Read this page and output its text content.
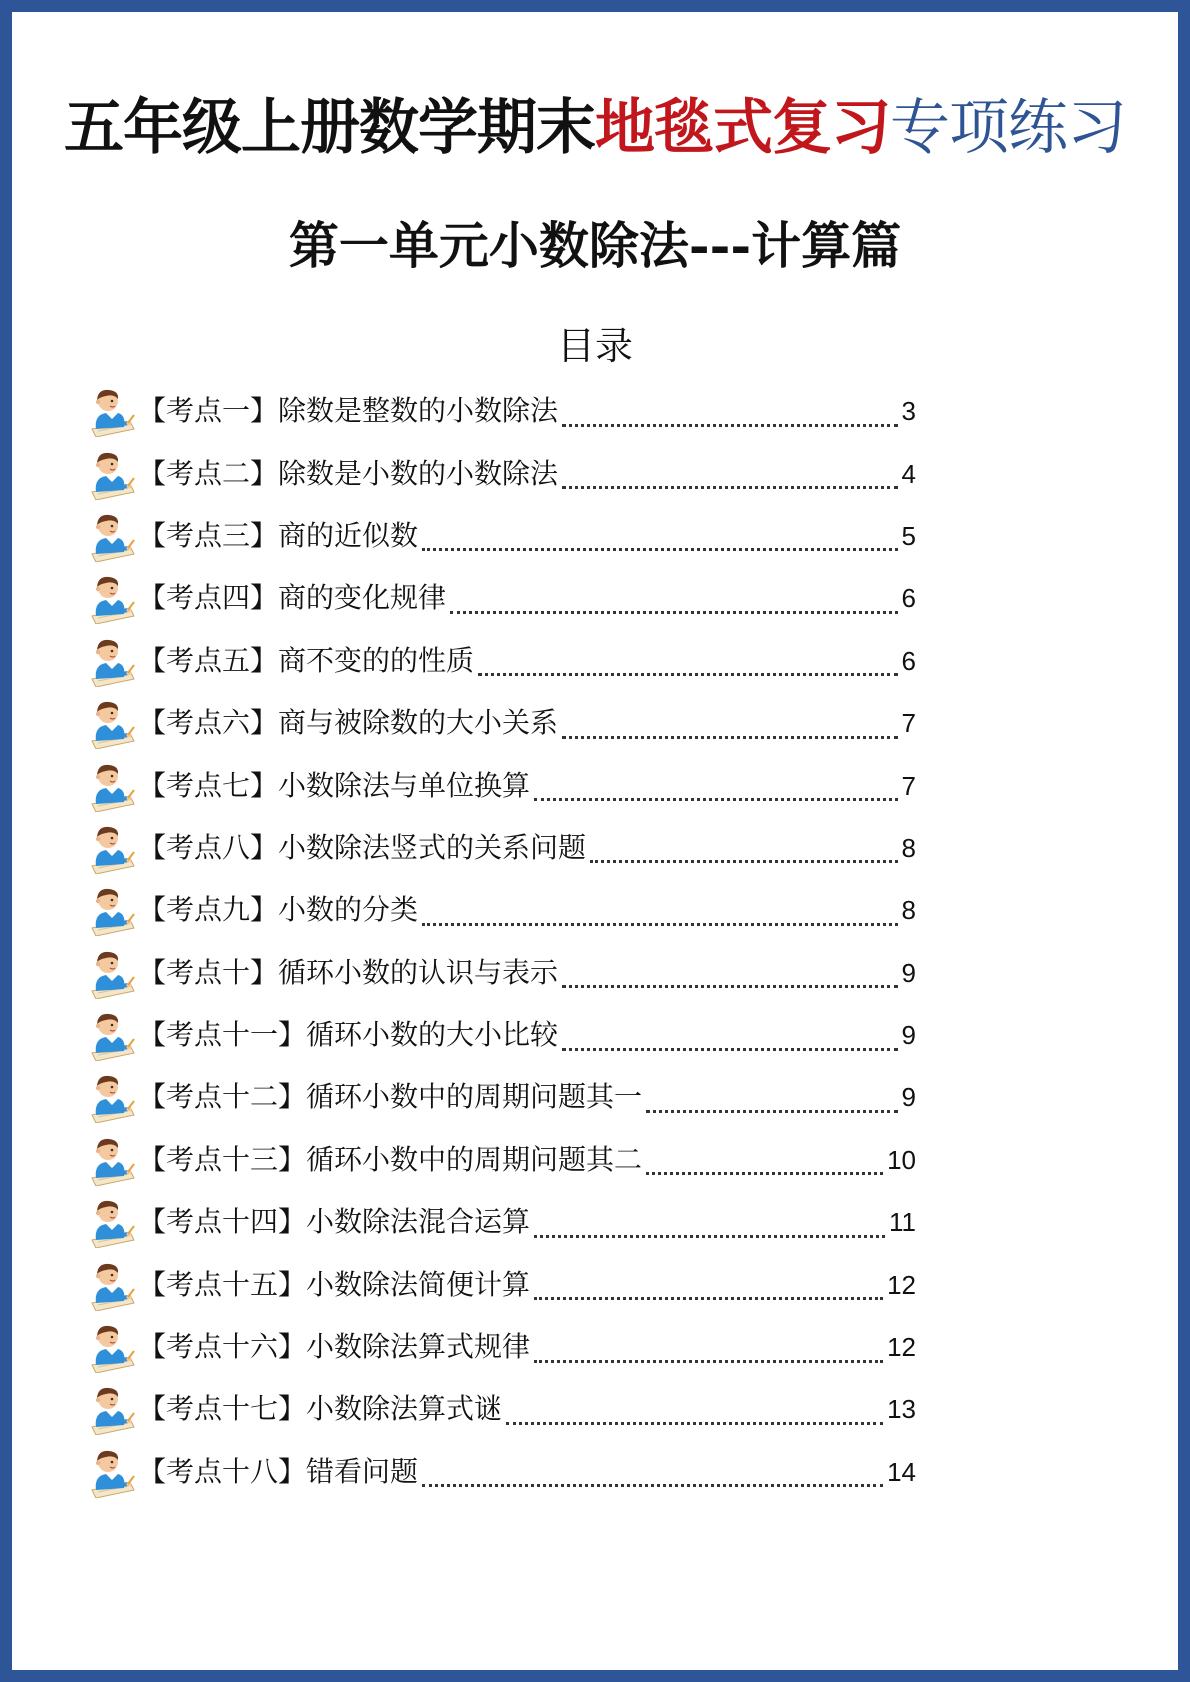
五年级上册数学期末地毯式复习专项练习
第一单元小数除法---计算篇
目录
【考点一】除数是整数的小数除法	3
【考点二】除数是小数的小数除法	4
【考点三】商的近似数	5
【考点四】商的变化规律	6
【考点五】商不变的的性质	6
【考点六】商与被除数的大小关系	7
【考点七】小数除法与单位换算	7
【考点八】小数除法竖式的关系问题	8
【考点九】小数的分类	8
【考点十】循环小数的认识与表示	9
【考点十一】循环小数的大小比较	9
【考点十二】循环小数中的周期问题其一	9
【考点十三】循环小数中的周期问题其二	10
【考点十四】小数除法混合运算	11
【考点十五】小数除法简便计算	12
【考点十六】小数除法算式规律	12
【考点十七】小数除法算式谜	13
【考点十八】错看问题	14
